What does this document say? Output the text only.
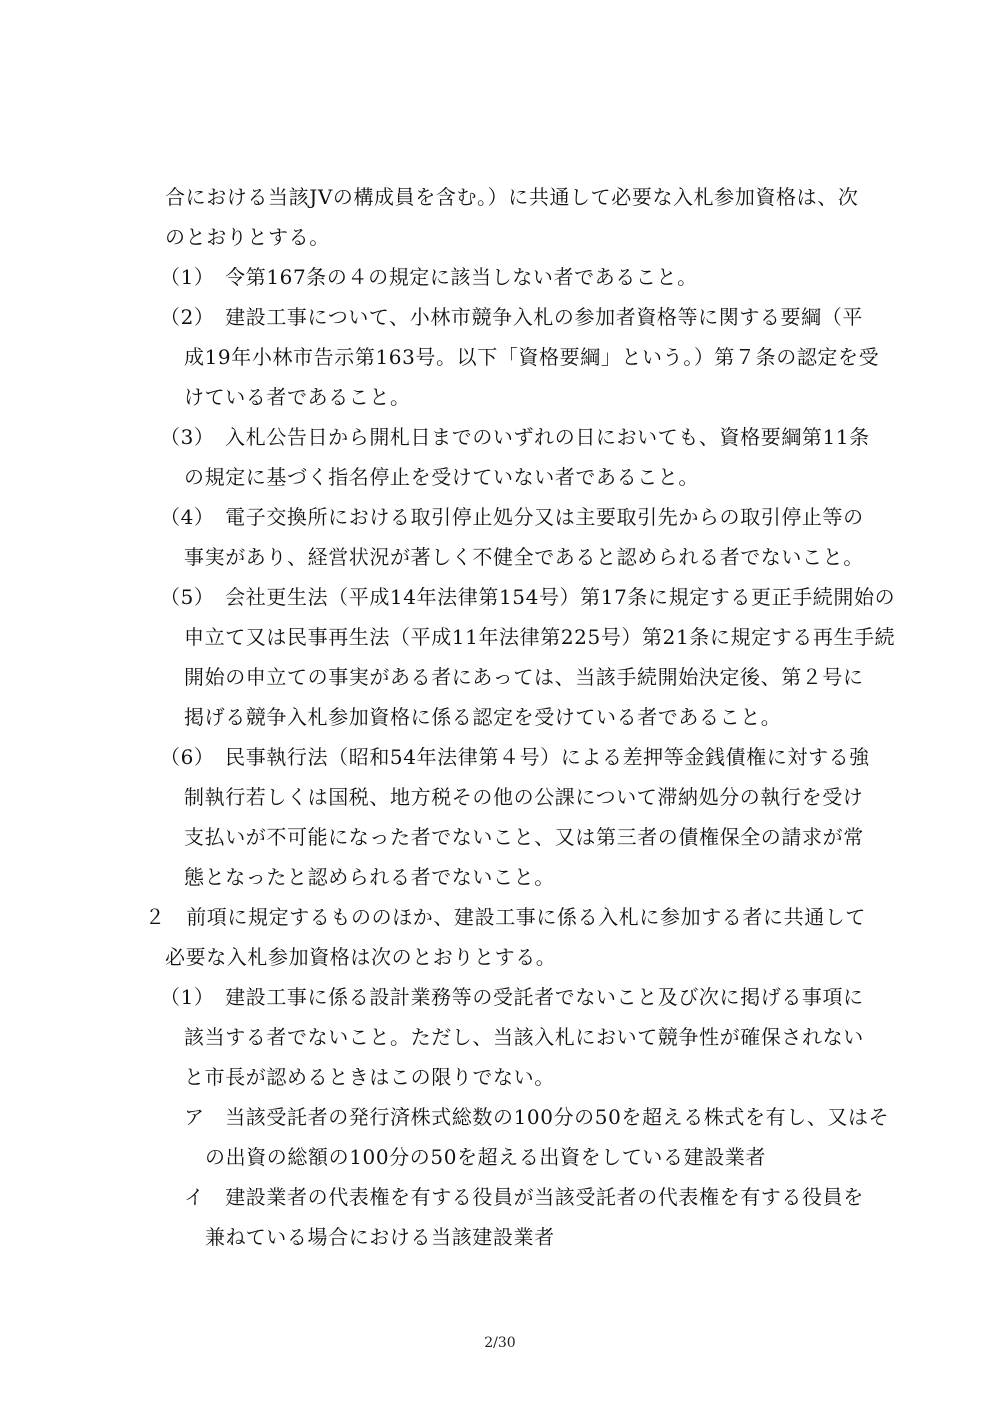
合における当該JVの構成員を含む。）に共通して必要な入札参加資格は、次
のとおりとする。
（1）　令第167条の４の規定に該当しない者であること。
（2）　建設工事について、小林市競争入札の参加者資格等に関する要綱（平
成19年小林市告示第163号。以下「資格要綱」という。）第７条の認定を受
けている者であること。
（3）　入札公告日から開札日までのいずれの日においても、資格要綱第11条
の規定に基づく指名停止を受けていない者であること。
（4）　電子交換所における取引停止処分又は主要取引先からの取引停止等の
事実があり、経営状況が著しく不健全であると認められる者でないこと。
（5）　会社更生法（平成14年法律第154号）第17条に規定する更正手続開始の
申立て又は民事再生法（平成11年法律第225号）第21条に規定する再生手続
開始の申立ての事実がある者にあっては、当該手続開始決定後、第２号に
掲げる競争入札参加資格に係る認定を受けている者であること。
（6）　民事執行法（昭和54年法律第４号）による差押等金銭債権に対する強
制執行若しくは国税、地方税その他の公課について滞納処分の執行を受け
支払いが不可能になった者でないこと、又は第三者の債権保全の請求が常
態となったと認められる者でないこと。
２　前項に規定するもののほか、建設工事に係る入札に参加する者に共通して
必要な入札参加資格は次のとおりとする。
（1）　建設工事に係る設計業務等の受託者でないこと及び次に掲げる事項に
該当する者でないこと。ただし、当該入札において競争性が確保されない
と市長が認めるときはこの限りでない。
ア　当該受託者の発行済株式総数の100分の50を超える株式を有し、又はそ
の出資の総額の100分の50を超える出資をしている建設業者
イ　建設業者の代表権を有する役員が当該受託者の代表権を有する役員を
兼ねている場合における当該建設業者
2/30
